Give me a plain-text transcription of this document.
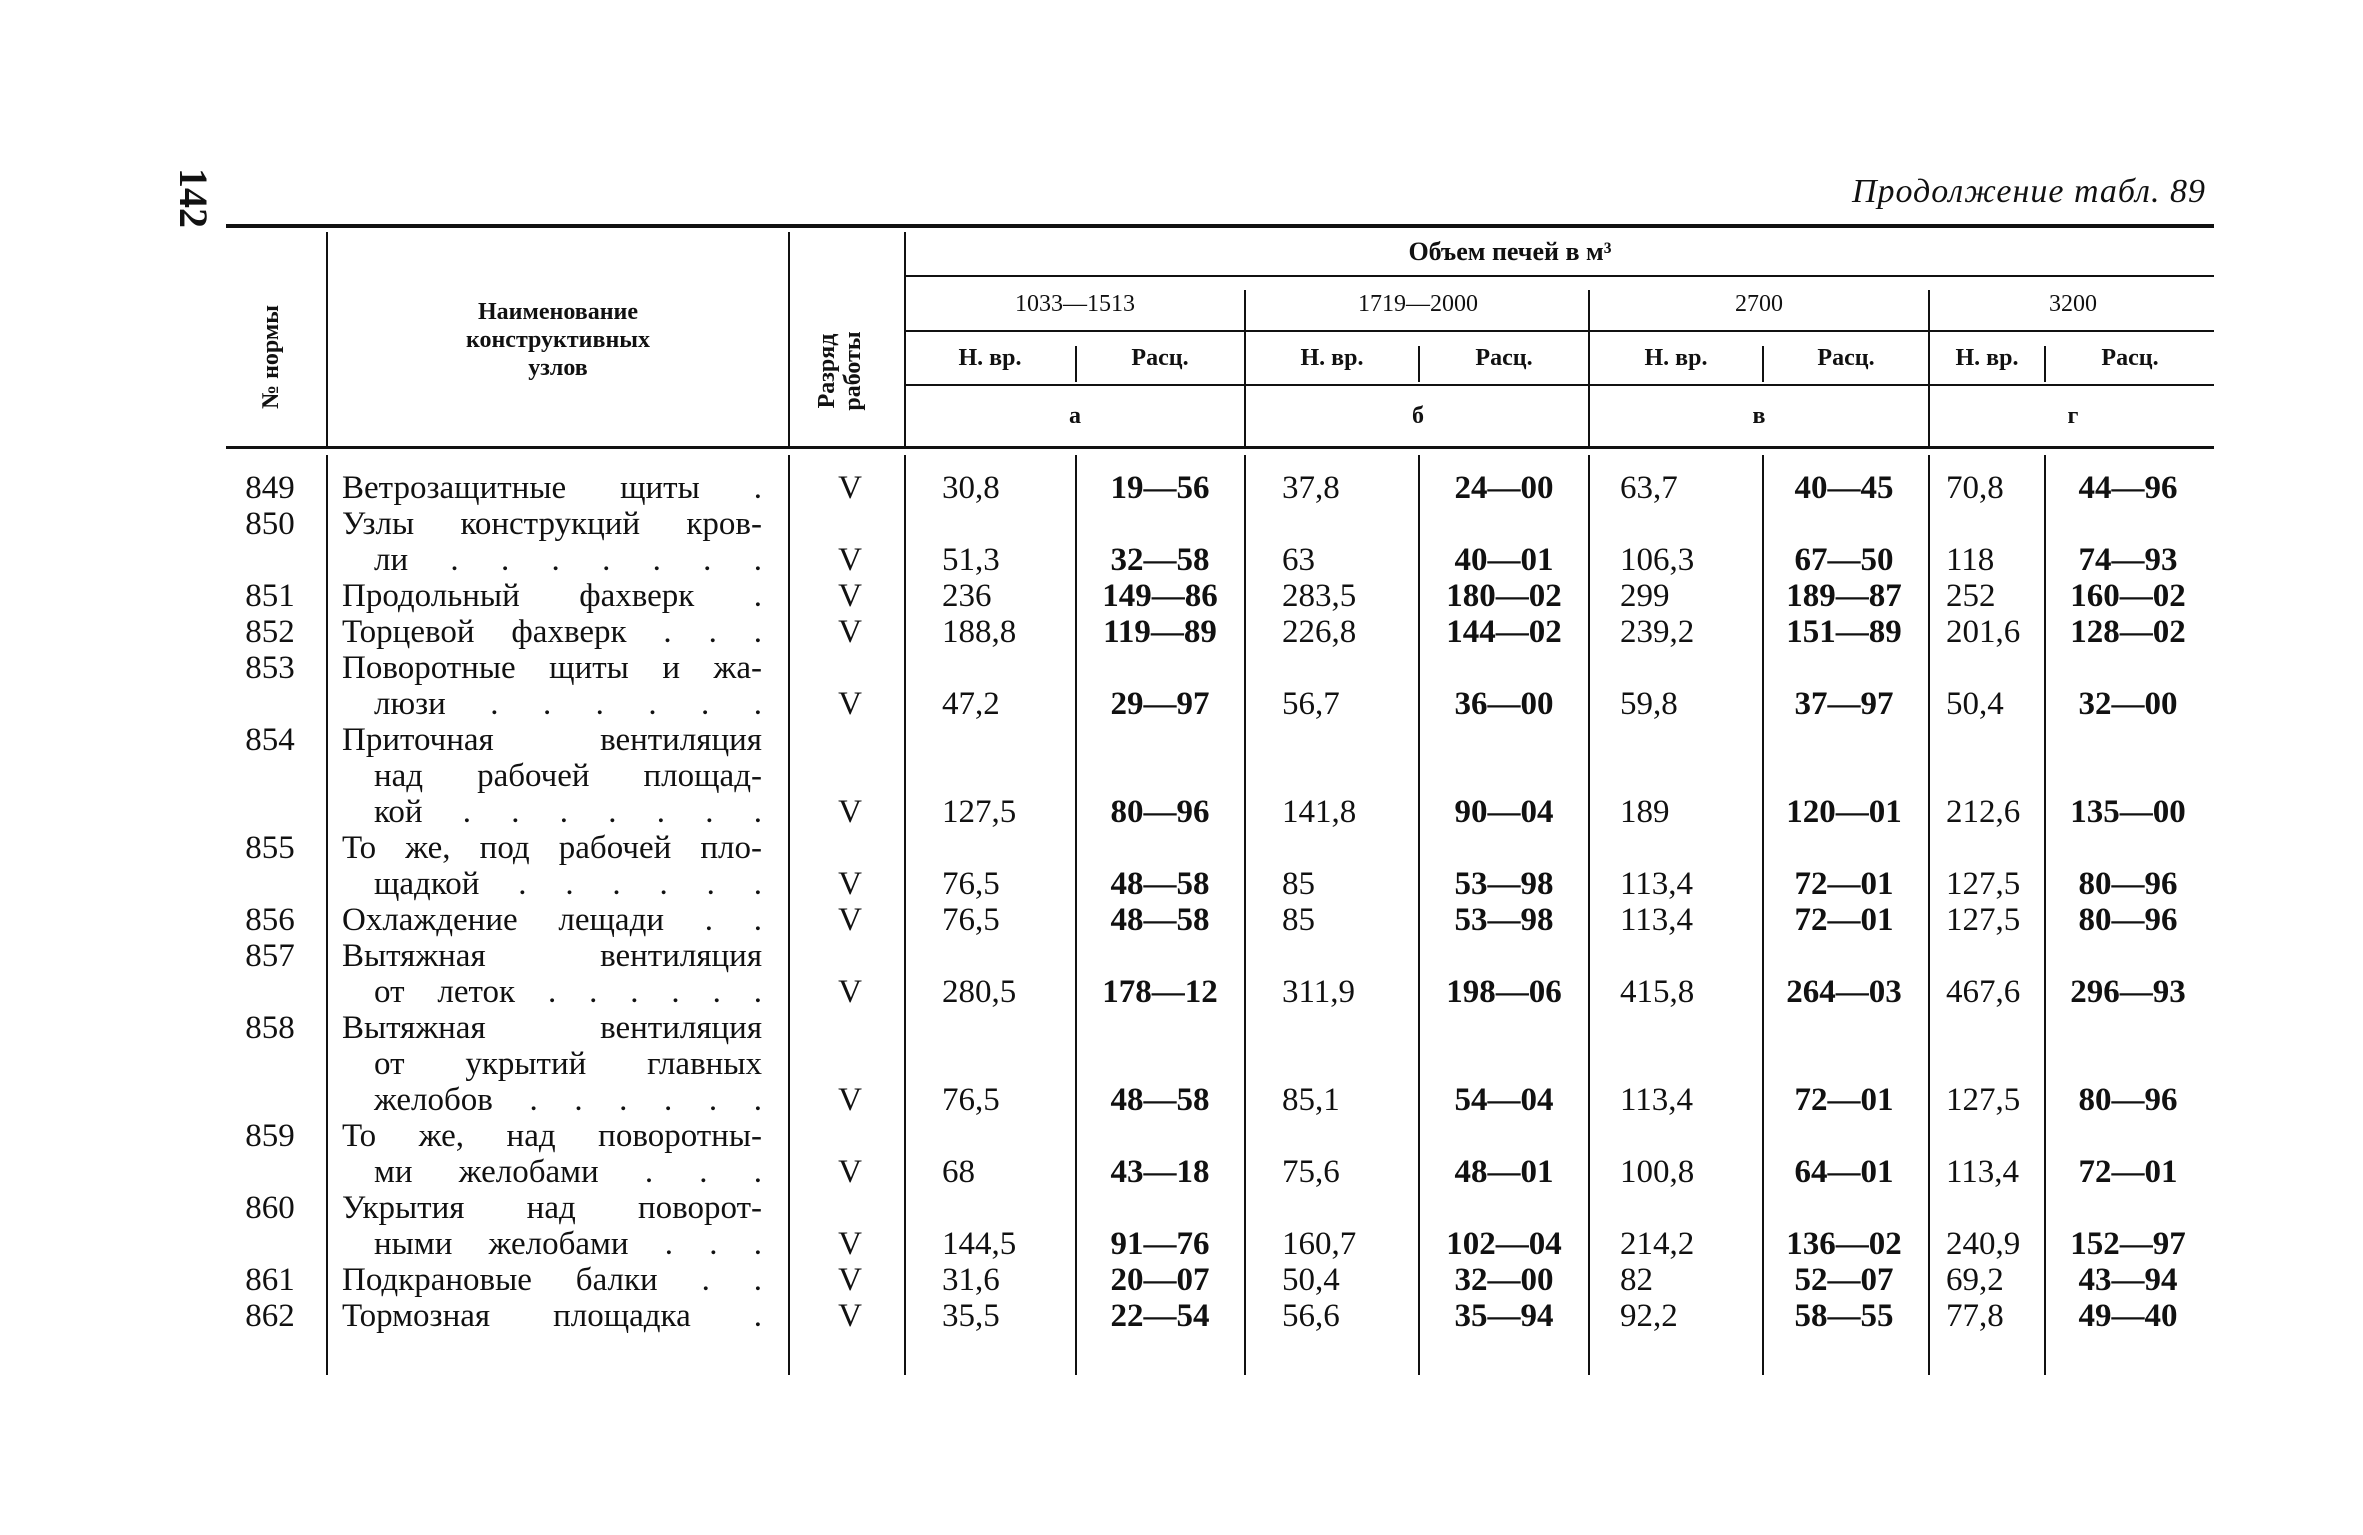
142	Продолжение табл. 89
№ нормы	Наименование
конструктивных
узлов	Разряд работы
Объем печей в м³
1033—1513	1719—2000	2700	3200
Н. вр.	Расц.	Н. вр.	Расц.	Н. вр.	Расц.	Н. вр.	Расц.
а	б	в	г
849	Ветрозащитные щиты .	V	30,8	19—56	37,8	24—00	63,7	40—45	70,8	44—96
850	Узлы конструкций кров-
ли . . . . . . .	V	51,3	32—58	63	40—01	106,3	67—50	118	74—93
851	Продольный фахверк .	V	236	149—86	283,5	180—02	299	189—87	252	160—02
852	Торцевой фахверк . . .	V	188,8	119—89	226,8	144—02	239,2	151—89	201,6	128—02
853	Поворотные щиты и жа-
люзи . . . . . .	V	47,2	29—97	56,7	36—00	59,8	37—97	50,4	32—00
854	Приточная вентиляция
над рабочей площад-
кой . . . . . . .	V	127,5	80—96	141,8	90—04	189	120—01	212,6	135—00
855	То же, под рабочей пло-
щадкой . . . . . .	V	76,5	48—58	85	53—98	113,4	72—01	127,5	80—96
856	Охлаждение лещади . .	V	76,5	48—58	85	53—98	113,4	72—01	127,5	80—96
857	Вытяжная вентиляция
от леток . . . . . .	V	280,5	178—12	311,9	198—06	415,8	264—03	467,6	296—93
858	Вытяжная вентиляция
от укрытий главных
желобов . . . . . .	V	76,5	48—58	85,1	54—04	113,4	72—01	127,5	80—96
859	То же, над поворотны-
ми желобами . . .	V	68	43—18	75,6	48—01	100,8	64—01	113,4	72—01
860	Укрытия над поворот-
ными желобами . . .	V	144,5	91—76	160,7	102—04	214,2	136—02	240,9	152—97
861	Подкрановые балки . .	V	31,6	20—07	50,4	32—00	82	52—07	69,2	43—94
862	Тормозная площадка .	V	35,5	22—54	56,6	35—94	92,2	58—55	77,8	49—40
